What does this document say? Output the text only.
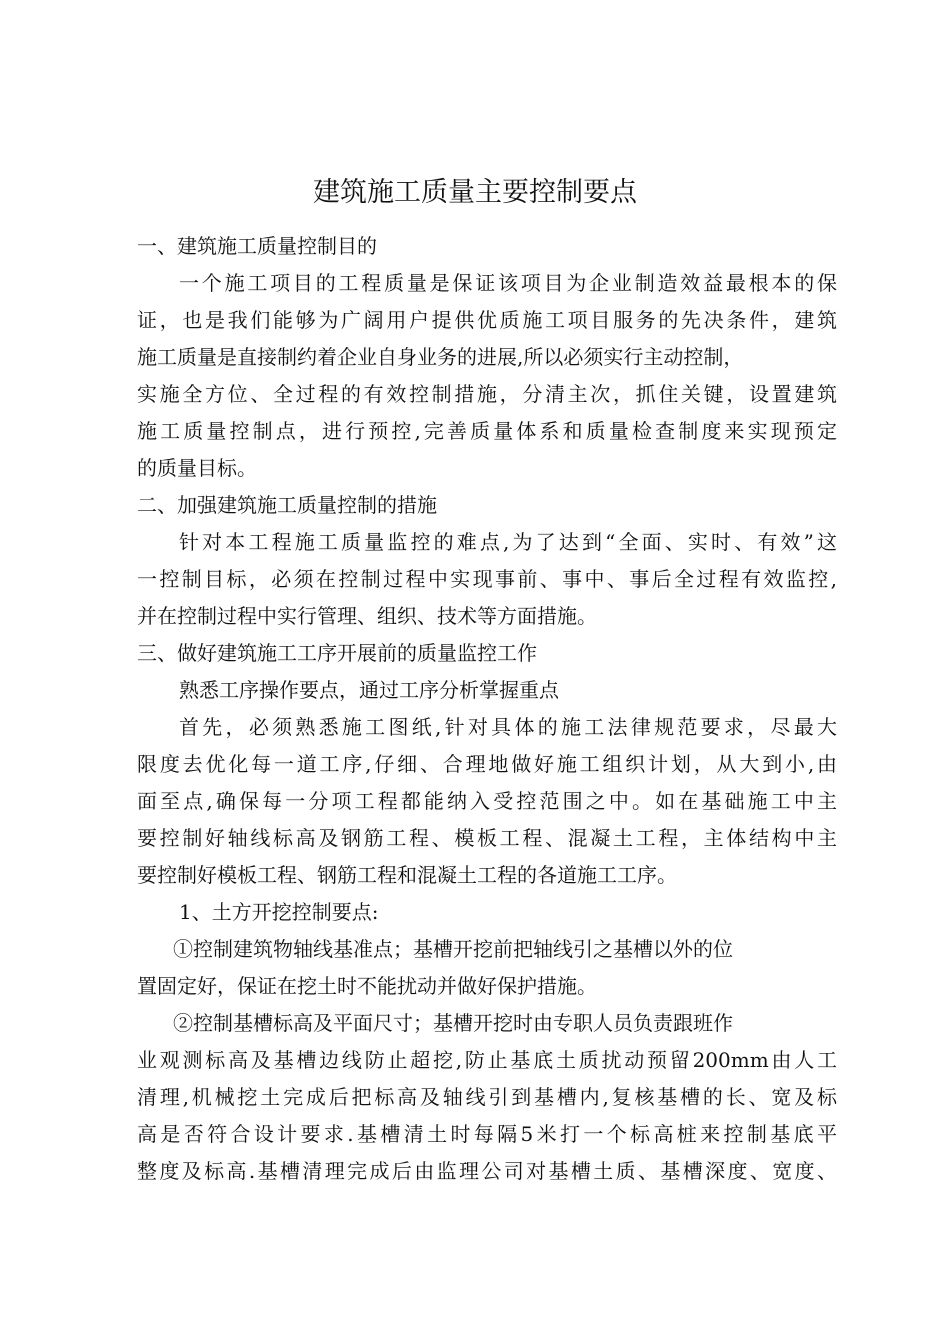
建筑施工质量主要控制要点
一、建筑施工质量控制目的
一个施工项目的工程质量是保证该项目为企业制造效益最根本的保
证，也是我们能够为广阔用户提供优质施工项目服务的先决条件，建筑
施工质量是直接制约着企业自身业务的进展,所以必须实行主动控制，
实施全方位、全过程的有效控制措施，分清主次，抓住关键，设置建筑
施工质量控制点，进行预控,完善质量体系和质量检查制度来实现预定
的质量目标。
二、加强建筑施工质量控制的措施
针对本工程施工质量监控的难点,为了达到“全面、实时、有效”这
一控制目标，必须在控制过程中实现事前、事中、事后全过程有效监控,
并在控制过程中实行管理、组织、技术等方面措施。
三、做好建筑施工工序开展前的质量监控工作
熟悉工序操作要点，通过工序分析掌握重点
首先，必须熟悉施工图纸,针对具体的施工法律规范要求，尽最大
限度去优化每一道工序,仔细、合理地做好施工组织计划，从大到小,由
面至点,确保每一分项工程都能纳入受控范围之中。如在基础施工中主
要控制好轴线标高及钢筋工程、模板工程、混凝土工程，主体结构中主
要控制好模板工程、钢筋工程和混凝土工程的各道施工工序。
1、土方开挖控制要点:
①控制建筑物轴线基准点；基槽开挖前把轴线引之基槽以外的位
置固定好，保证在挖土时不能扰动并做好保护措施。
②控制基槽标高及平面尺寸；基槽开挖时由专职人员负责跟班作
业观测标高及基槽边线防止超挖,防止基底土质扰动预留200mm由人工
清理,机械挖土完成后把标高及轴线引到基槽内,复核基槽的长、宽及标
高是否符合设计要求.基槽清土时每隔5米打一个标高桩来控制基底平
整度及标高.基槽清理完成后由监理公司对基槽土质、基槽深度、宽度、
